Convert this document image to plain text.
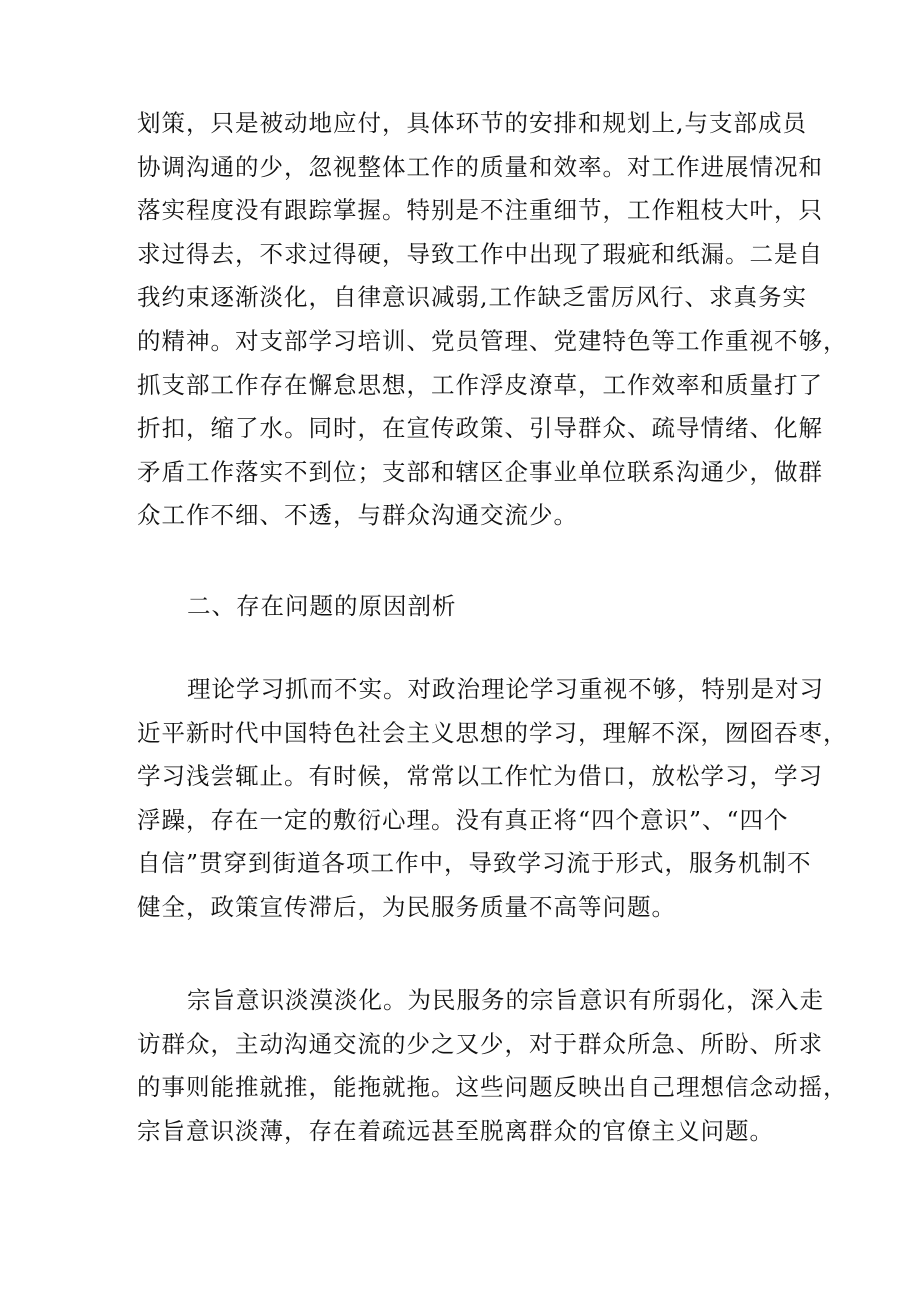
划策，只是被动地应付，具体环节的安排和规划上,与支部成员
协调沟通的少，忽视整体工作的质量和效率。对工作进展情况和
落实程度没有跟踪掌握。特别是不注重细节，工作粗枝大叶，只
求过得去，不求过得硬，导致工作中出现了瑕疵和纸漏。二是自
我约束逐渐淡化，自律意识减弱,工作缺乏雷厉风行、求真务实
的精神。对支部学习培训、党员管理、党建特色等工作重视不够，
抓支部工作存在懈怠思想，工作浮皮潦草，工作效率和质量打了
折扣，缩了水。同时，在宣传政策、引导群众、疏导情绪、化解
矛盾工作落实不到位；支部和辖区企事业单位联系沟通少，做群
众工作不细、不透，与群众沟通交流少。
二、存在问题的原因剖析
理论学习抓而不实。对政治理论学习重视不够，特别是对习
近平新时代中国特色社会主义思想的学习，理解不深，囫囵吞枣，
学习浅尝辄止。有时候，常常以工作忙为借口，放松学习，学习
浮躁，存在一定的敷衍心理。没有真正将“四个意识”、“四个
自信”贯穿到街道各项工作中，导致学习流于形式，服务机制不
健全，政策宣传滞后，为民服务质量不高等问题。
宗旨意识淡漠淡化。为民服务的宗旨意识有所弱化，深入走
访群众，主动沟通交流的少之又少，对于群众所急、所盼、所求
的事则能推就推，能拖就拖。这些问题反映出自己理想信念动摇，
宗旨意识淡薄，存在着疏远甚至脱离群众的官僚主义问题。
